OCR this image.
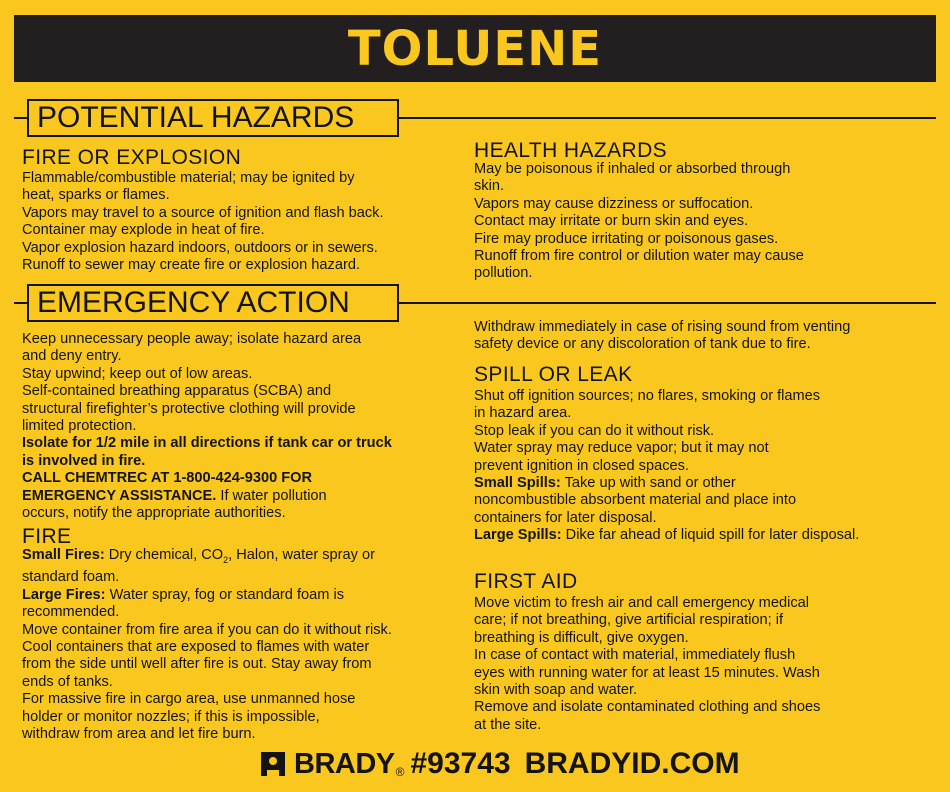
TOLUENE
POTENTIAL HAZARDS
FIRE OR EXPLOSION
Flammable/combustible material; may be ignited by
heat, sparks or flames.
Vapors may travel to a source of ignition and flash back.
Container may explode in heat of fire.
Vapor explosion hazard indoors, outdoors or in sewers.
Runoff to sewer may create fire or explosion hazard.
HEALTH HAZARDS
May be poisonous if inhaled or absorbed through
skin.
Vapors may cause dizziness or suffocation.
Contact may irritate or burn skin and eyes.
Fire may produce irritating or poisonous gases.
Runoff from fire control or dilution water may cause
pollution.
EMERGENCY ACTION
Keep unnecessary people away; isolate hazard area
and deny entry.
Stay upwind; keep out of low areas.
Self-contained breathing apparatus (SCBA) and
structural firefighter’s protective clothing will provide
limited protection.
Isolate for 1/2 mile in all directions if tank car or truck
is involved in fire.
CALL CHEMTREC AT 1-800-424-9300 FOR
EMERGENCY ASSISTANCE. If water pollution
occurs, notify the appropriate authorities.
FIRE
Small Fires: Dry chemical, $CO_2$, Halon, water spray or
standard foam.
Large Fires: Water spray, fog or standard foam is
recommended.
Move container from fire area if you can do it without risk.
Cool containers that are exposed to flames with water
from the side until well after fire is out. Stay away from
ends of tanks.
For massive fire in cargo area, use unmanned hose
holder or monitor nozzles; if this is impossible,
withdraw from area and let fire burn.
Withdraw immediately in case of rising sound from venting
safety device or any discoloration of tank due to fire.
SPILL OR LEAK
Shut off ignition sources; no flares, smoking or flames
in hazard area.
Stop leak if you can do it without risk.
Water spray may reduce vapor; but it may not
prevent ignition in closed spaces.
Small Spills: Take up with sand or other
noncombustible absorbent material and place into
containers for later disposal.
Large Spills: Dike far ahead of liquid spill for later disposal.
FIRST AID
Move victim to fresh air and call emergency medical
care; if not breathing, give artificial respiration; if
breathing is difficult, give oxygen.
In case of contact with material, immediately flush
eyes with running water for at least 15 minutes. Wash
skin with soap and water.
Remove and isolate contaminated clothing and shoes
at the site.
BRADY ® #93743 BRADYID.COM
